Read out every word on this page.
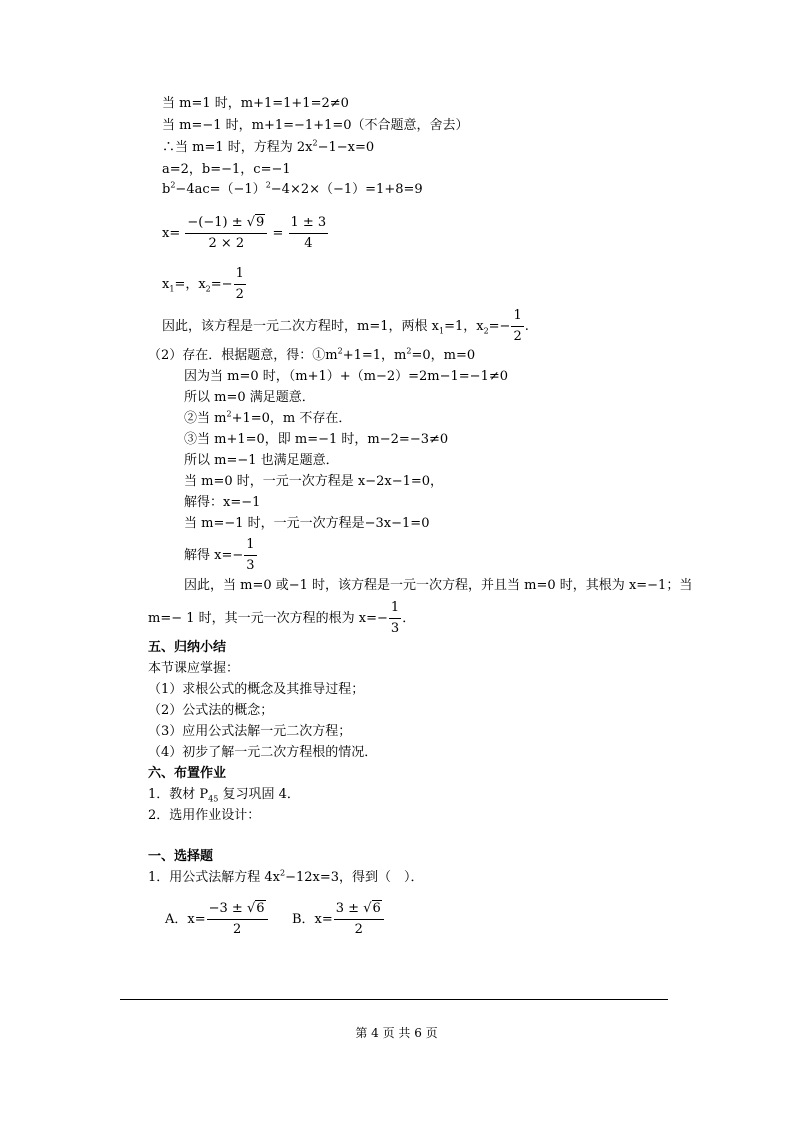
当 m=1 时，m+1=1+1=2≠0
当 m=−1 时，m+1=−1+1=0（不合题意，舍去）
∴当 m=1 时，方程为 $2x^2-1-x=0$
a=2，b=−1，c=−1
$b^2-4ac=(-1)^2-4\times 2\times(-1)=1+8=9$
$x= \frac{-(-1) \pm √9}{2 \times 2} = \frac{1 \pm 3}{4}$
$x_1=$，$x_2=- \frac{1}{2}$
因此，该方程是一元二次方程时，m=1，两根 $x_1=1$，$x_2=- \frac{1}{2}$ .
（2）存在．根据题意，得：$①m^2+1=1$，$m^2=0$，m=0
因为当 m=0 时，（m+1）+（m−2）=2m−1=−1≠0
所以 m=0 满足题意．
②当 $m^2+1=0$，m 不存在．
③当 m+1=0，即 m=−1 时，m−2=−3≠0
所以 m=−1 也满足题意．
当 m=0 时，一元一次方程是 x−2x−1=0，
解得：x=−1
当 m=−1 时，一元一次方程是−3x−1=0
解得 $x=- \frac{1}{3}$
因此，当 m=0 或−1 时，该方程是一元一次方程，并且当 m=0 时，其根为 x=−1；当
m=− 1 时，其一元一次方程的根为 $x=- \frac{1}{3}$ ．
五、归纳小结
本节课应掌握：
（1）求根公式的概念及其推导过程；
（2）公式法的概念；
（3）应用公式法解一元二次方程；
（4）初步了解一元二次方程根的情况．
六、布置作业
1．教材 $P_{45}$ 复习巩固 4．
2．选用作业设计：
一、选择题
1．用公式法解方程 $4x^2-12x=3$，得到（　）．
A．$x= \frac{-3 \pm √6}{2}$ B．$x= \frac{3 \pm √6}{2}$
第 4 页 共 6 页
